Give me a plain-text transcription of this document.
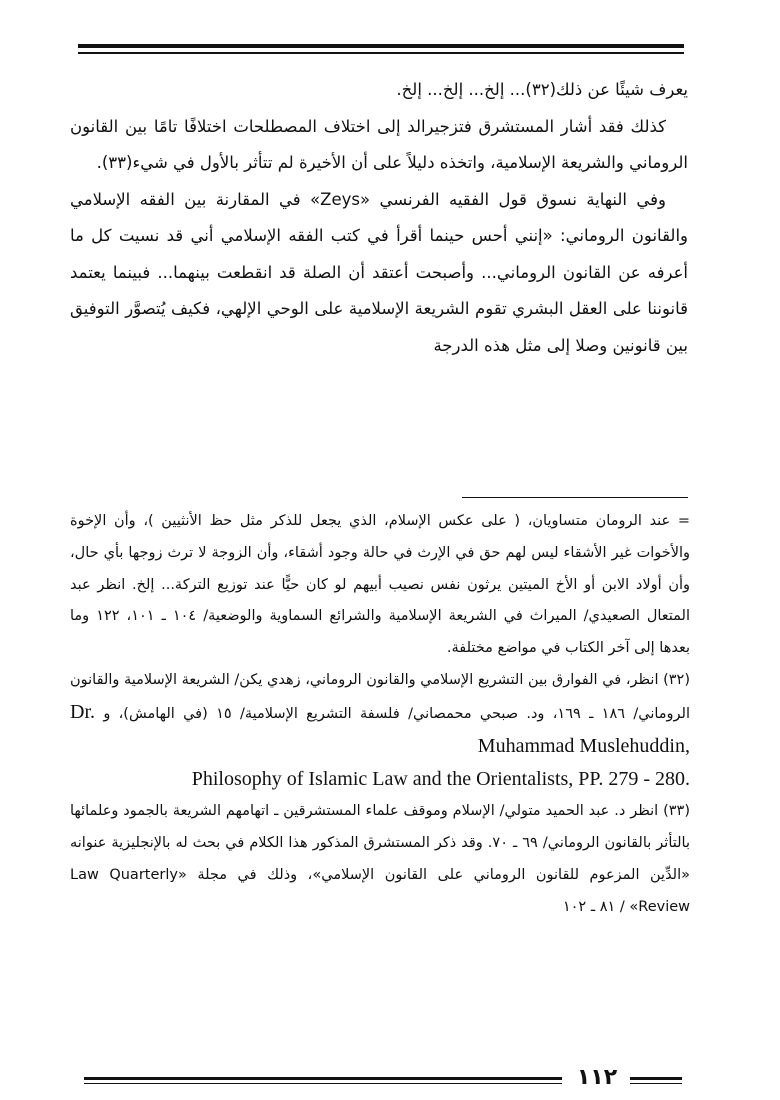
يعرف شيئًا عن ذلك(٣٢)... إلخ... إلخ... إلخ.

كذلك فقد أشار المستشرق فتزجيرالد إلى اختلاف المصطلحات اختلافًا تامًا بين القانون الروماني والشريعة الإسلامية، واتخذه دليلاً على أن الأخيرة لم تتأثر بالأول في شيء(٣٣).

وفي النهاية نسوق قول الفقيه الفرنسي «Zeys» في المقارنة بين الفقه الإسلامي والقانون الروماني: «إنني أحس حينما أقرأ في كتب الفقه الإسلامي أني قد نسيت كل ما أعرفه عن القانون الروماني... وأصبحت أعتقد أن الصلة قد انقطعت بينهما... فبينما يعتمد قانوننا على العقل البشري تقوم الشريعة الإسلامية على الوحي الإلهي، فكيف يُتصوَّر التوفيق بين قانونين وصلا إلى مثل هذه الدرجة

= عند الرومان متساويان، ( على عكس الإسلام، الذي يجعل للذكر مثل حظ الأنثيين )، وأن الإخوة والأخوات غير الأشقاء ليس لهم حق في الإرث في حالة وجود أشقاء، وأن الزوجة لا ترث زوجها بأي حال، وأن أولاد الابن أو الأخ الميتين يرثون نفس نصيب أبيهم لو كان حيًّا عند توزيع التركة... إلخ. انظر عبد المتعال الصعيدي/ الميراث في الشريعة الإسلامية والشرائع السماوية والوضعية/ ١٠٤ ـ ١٠١، ١٢٢ وما بعدها إلى آخر الكتاب في مواضع مختلفة.

(٣٢) انظر، في الفوارق بين التشريع الإسلامي والقانون الروماني، زهدي يكن/ الشريعة الإسلامية والقانون الروماني/ ١٨٦ ـ ١٦٩، ود. صبحي محمصاني/ فلسفة التشريع الإسلامية/ ١٥ (في الهامش)، و Dr. Muhammad Muslehuddin,

Philosophy of Islamic Law and the Orientalists, PP. 279 - 280.

(٣٣) انظر د. عبد الحميد متولي/ الإسلام وموقف علماء المستشرقين ـ اتهامهم الشريعة بالجمود وعلمائها بالتأثر بالقانون الروماني/ ٦٩ ـ ٧٠. وقد ذكر المستشرق المذكور هذا الكلام في بحث له بالإنجليزية عنوانه «الدِّين المزعوم للقانون الروماني على القانون الإسلامي»، وذلك في مجلة «Law Quarterly Review» / ٨١ ـ ١٠٢

١١٢
